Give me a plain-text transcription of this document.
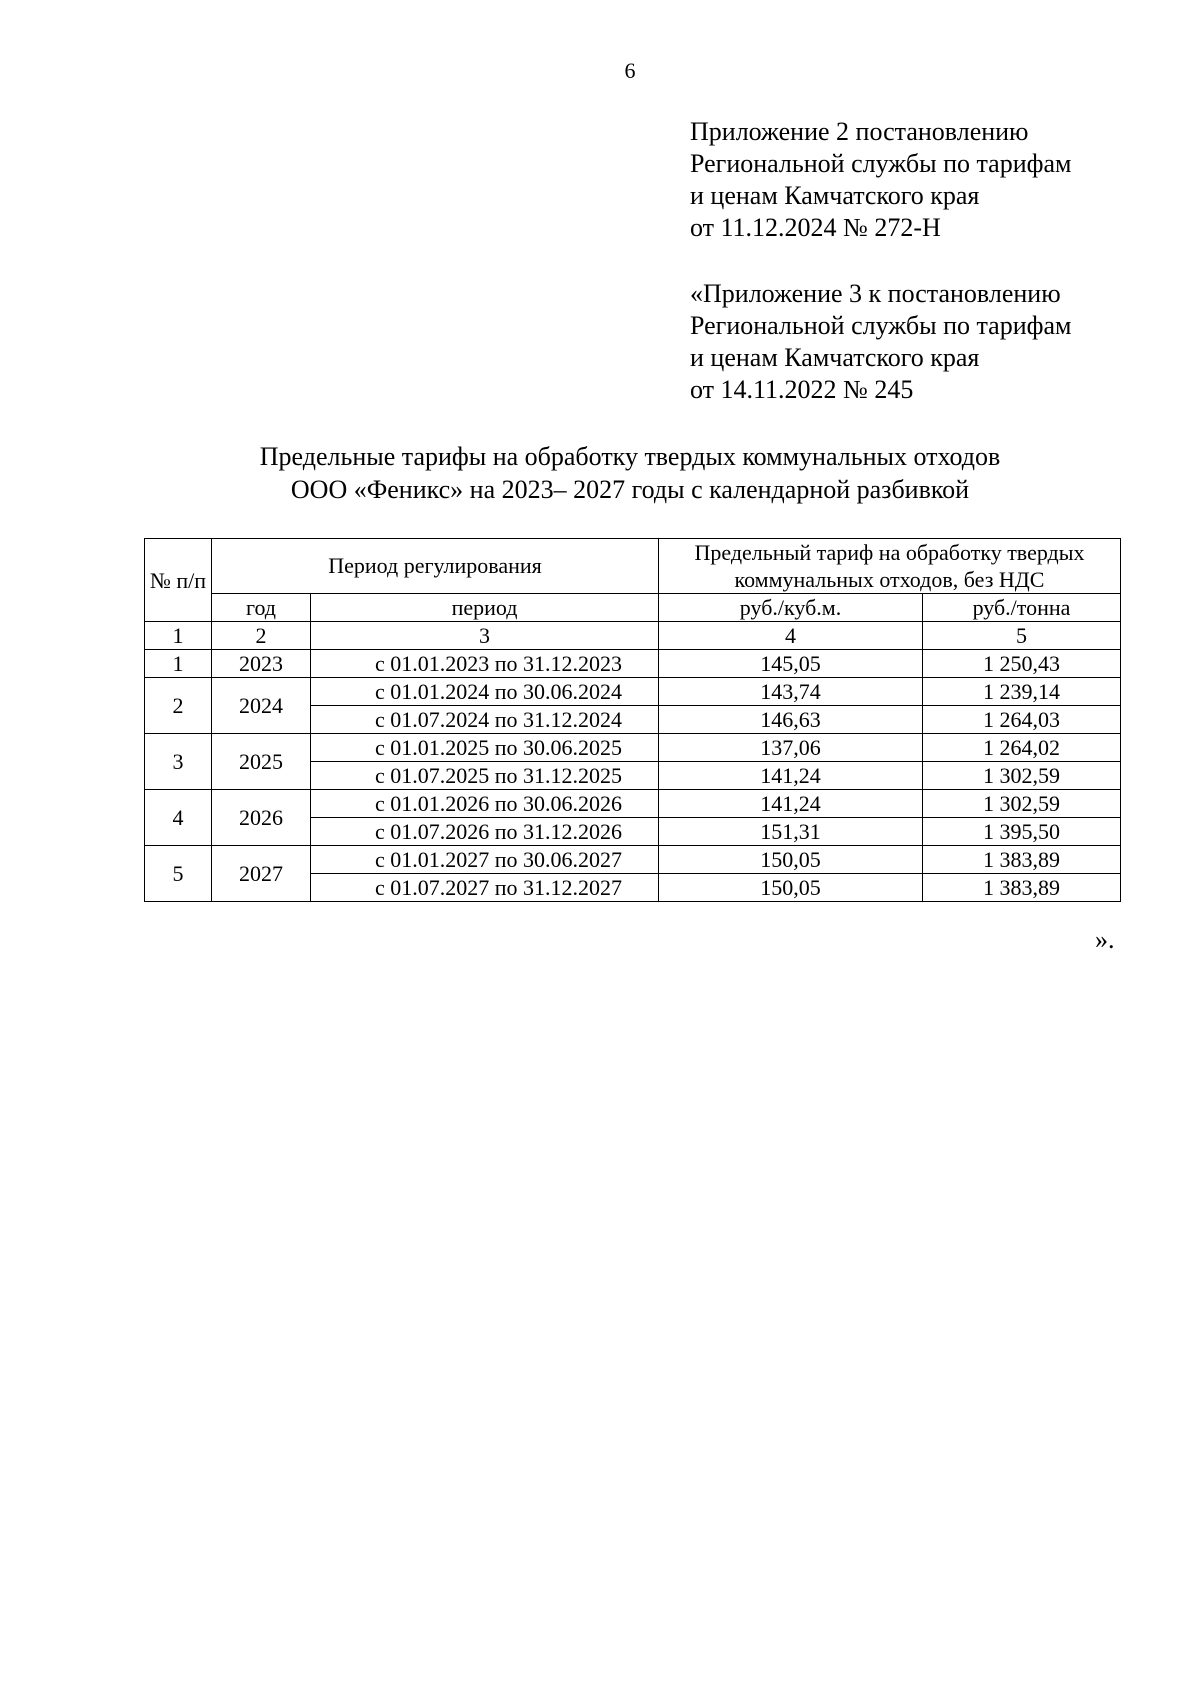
6
Приложение 2 постановлению
Региональной службы по тарифам
и ценам Камчатского края
от 11.12.2024 № 272-Н
«Приложение 3 к постановлению
Региональной службы по тарифам
и ценам Камчатского края
от 14.11.2022 № 245
Предельные тарифы на обработку твердых коммунальных отходов
ООО «Феникс» на 2023– 2027 годы с календарной разбивкой
№ п/п	Период регулирования		Предельный тариф на обработку твердых коммунальных отходов, без НДС	
	год	период	руб./куб.м.	руб./тонна
1	2	3	4	5
1	2023	с 01.01.2023 по 31.12.2023	145,05	1 250,43
2	2024	с 01.01.2024 по 30.06.2024	143,74	1 239,14
		с 01.07.2024 по 31.12.2024	146,63	1 264,03
3	2025	с 01.01.2025 по 30.06.2025	137,06	1 264,02
		с 01.07.2025 по 31.12.2025	141,24	1 302,59
4	2026	с 01.01.2026 по 30.06.2026	141,24	1 302,59
		с 01.07.2026 по 31.12.2026	151,31	1 395,50
5	2027	с 01.01.2027 по 30.06.2027	150,05	1 383,89
		с 01.07.2027 по 31.12.2027	150,05	1 383,89
».
